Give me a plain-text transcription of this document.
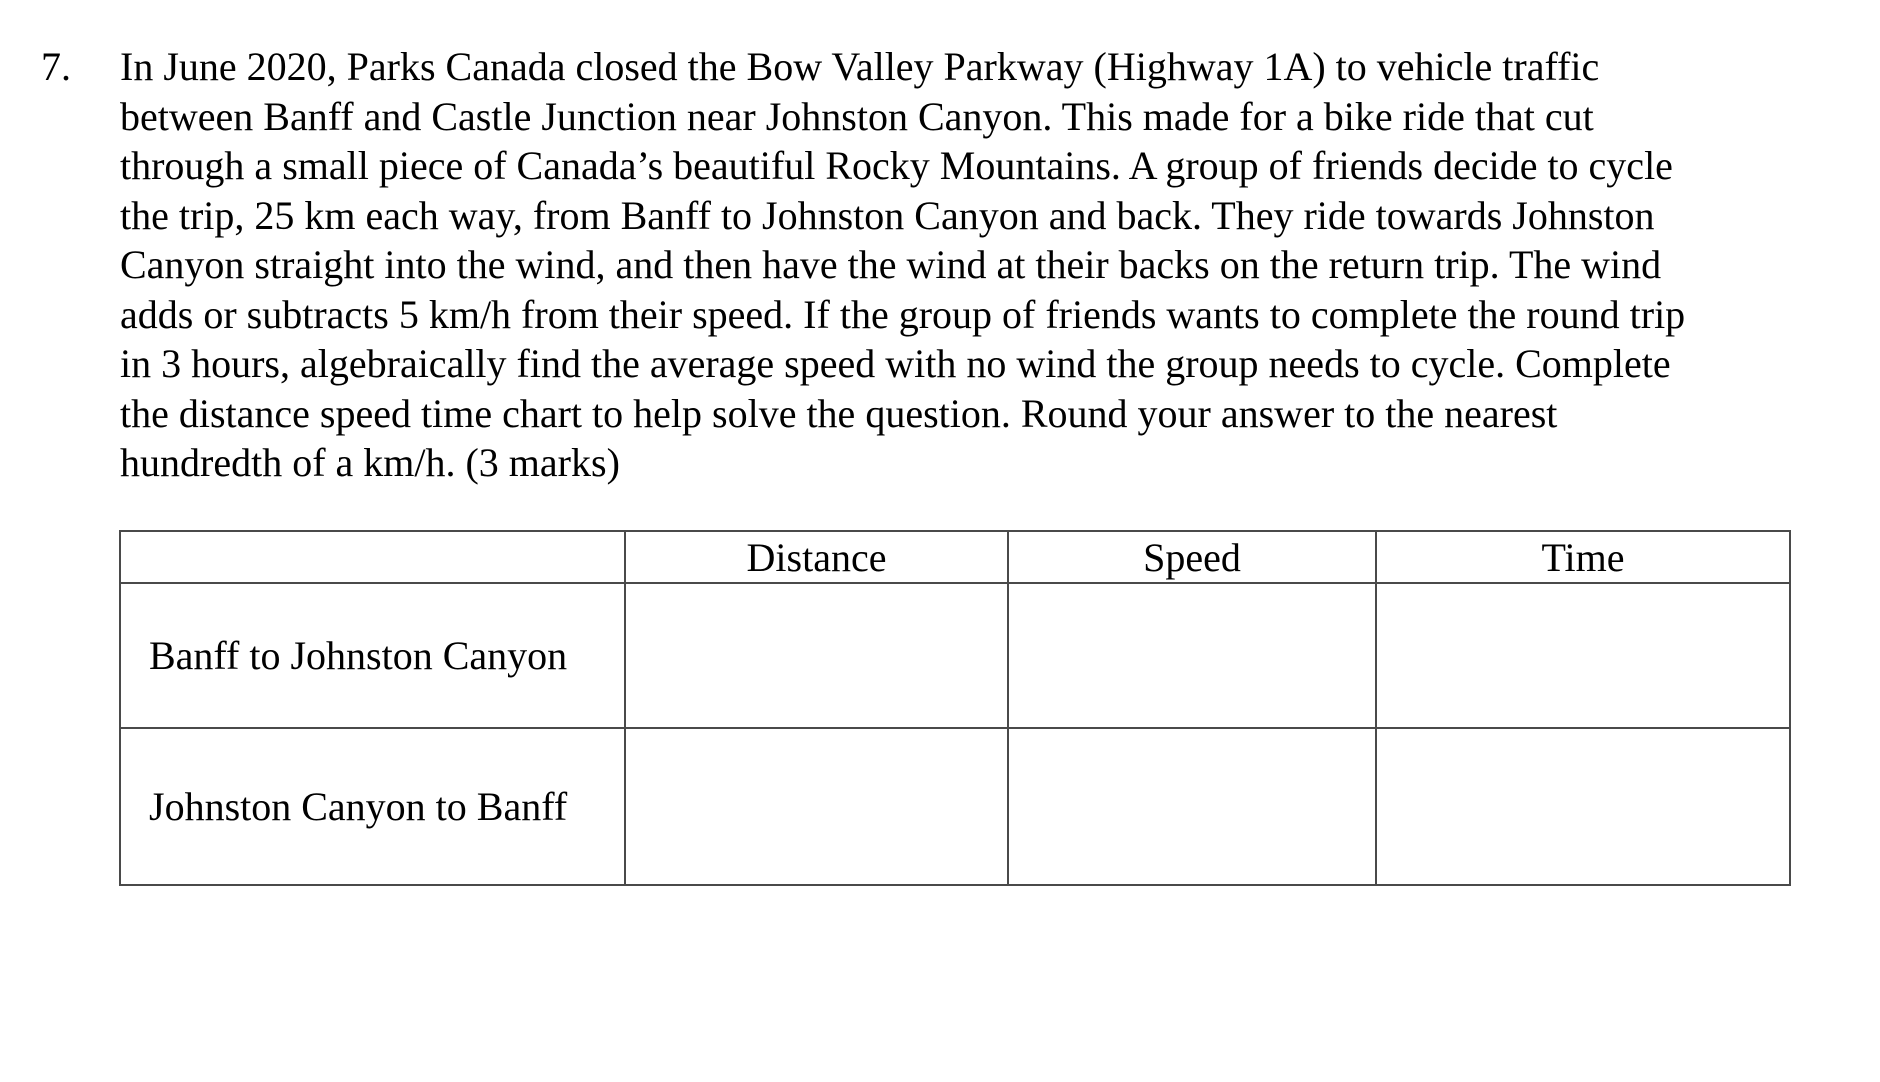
7. In June 2020, Parks Canada closed the Bow Valley Parkway (Highway 1A) to vehicle traffic
between Banff and Castle Junction near Johnston Canyon. This made for a bike ride that cut
through a small piece of Canada’s beautiful Rocky Mountains. A group of friends decide to cycle
the trip, 25 km each way, from Banff to Johnston Canyon and back. They ride towards Johnston
Canyon straight into the wind, and then have the wind at their backs on the return trip. The wind
adds or subtracts 5 km/h from their speed. If the group of friends wants to complete the round trip
in 3 hours, algebraically find the average speed with no wind the group needs to cycle. Complete
the distance speed time chart to help solve the question. Round your answer to the nearest
hundredth of a km/h. (3 marks)
	Distance	Speed	Time
Banff to Johnston Canyon			
Johnston Canyon to Banff			
